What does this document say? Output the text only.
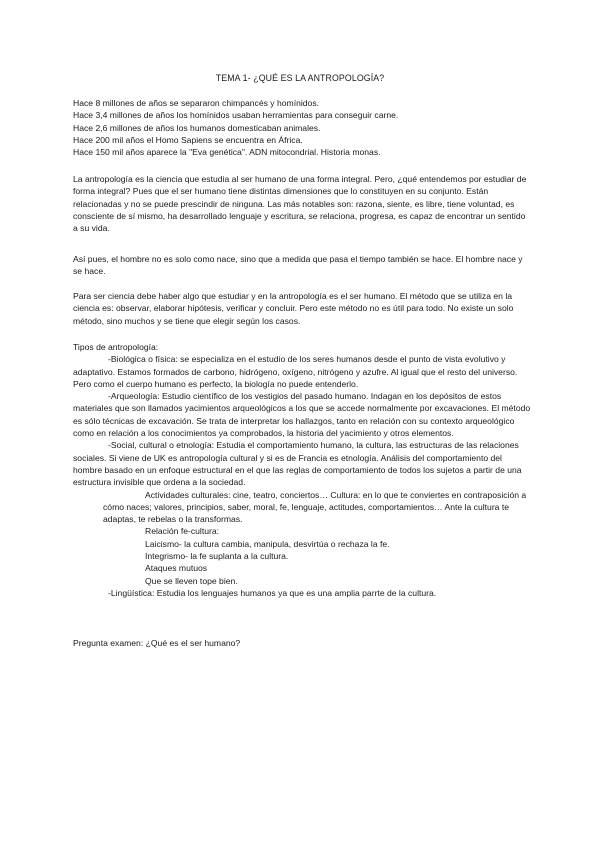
TEMA 1- ¿QUÉ ES LA ANTROPOLOGÍA?

Hace 8 millones de años se separaron chimpancés y homínidos.

Hace 3,4 millones de años los homínidos usaban herramientas para conseguir carne.

Hace 2,6 millones de años los humanos domesticaban animales.

Hace 200 mil años el Homo Sapiens se encuentra en África.

Hace 150 mil años aparece la "Eva genética". ADN mitocondrial. Historia monas.

La antropología es la ciencia que estudia al ser humano de una forma integral. Pero, ¿qué entendemos por estudiar de forma integral? Pues que el ser humano tiene distintas dimensiones que lo constituyen en su conjunto. Están relacionadas y no se puede prescindir de ninguna. Las más notables son: razona, siente, es libre, tiene voluntad, es consciente de sí mismo, ha desarrollado lenguaje y escritura, se relaciona, progresa, es capaz de encontrar un sentido a su vida.

Así pues, el hombre no es solo como nace, sino que a medida que pasa el tiempo también se hace. El hombre nace y se hace.

Para ser ciencia debe haber algo que estudiar y en la antropología es el ser humano. El método que se utiliza en la ciencia es: observar, elaborar hipótesis, verificar y concluir. Pero este método no es útil para todo. No existe un solo método, sino muchos y se tiene que elegir según los casos.

Tipos de antropología:

-Biológica o física: se especializa en el estudio de los seres humanos desde el punto de vista evolutivo y adaptativo. Estamos formados de carbono, hidrógeno, oxígeno, nitrógeno y azufre. Al igual que el resto del universo. Pero como el cuerpo humano es perfecto, la biología no puede entenderlo.

-Arqueología: Estudio científico de los vestigios del pasado humano. Indagan en los depósitos de estos materiales que son llamados yacimientos arqueológicos a los que se accede normalmente por excavaciones. El método es sólo técnicas de excavación. Se trata de interpretar los hallazgos, tanto en relación con su contexto arqueológico como en relación a los conocimientos ya comprobados, la historia del yacimiento y otros elementos.

-Social, cultural o etnología: Estudia el comportamiento humano, la cultura, las estructuras de las relaciones sociales. Si viene de UK es antropología cultural y si es de Francia es etnología. Análisis del comportamiento del hombre basado en un enfoque estructural en el que las reglas de comportamiento de todos los sujetos a partir de una estructura invisible que ordena a la sociedad.

Actividades culturales: cine, teatro, conciertos… Cultura: en lo que te conviertes en contraposición a cómo naces; valores, principios, saber, moral, fe, lenguaje, actitudes, comportamientos… Ante la cultura te adaptas, te rebelas o la transformas.

Relación fe-cultura:

Laicismo- la cultura cambia, manipula, desvirtúa o rechaza la fe.

Integrismo- la fe suplanta a la cultura.

Ataques mutuos

Que se lleven tope bien.

-Lingüística: Estudia los lenguajes humanos ya que es una amplia parrte de la cultura.

Pregunta examen: ¿Qué es el ser humano?
